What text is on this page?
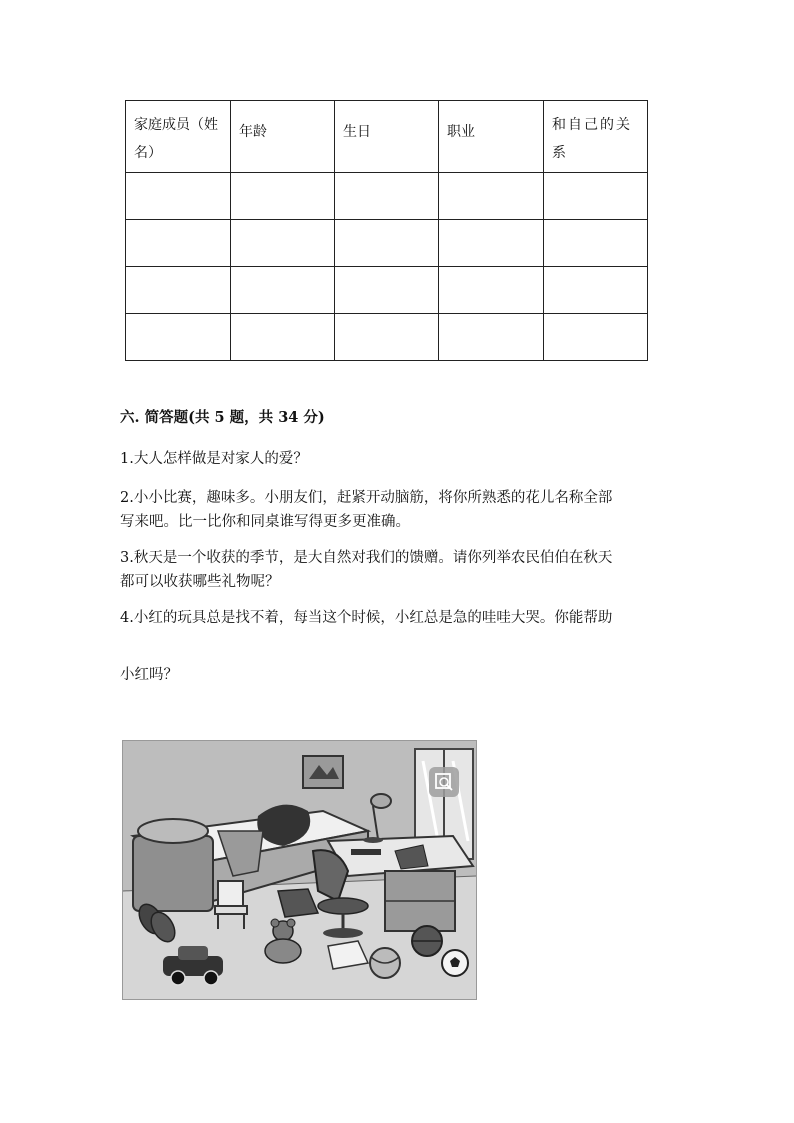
家庭成员（姓
名）	年龄	生日	职业	和自己的关
系

六. 简答题(共 5 题，共 34 分)
1.大人怎样做是对家人的爱？
2.小小比赛，趣味多。小朋友们，赶紧开动脑筋，将你所熟悉的花儿名称全部
写来吧。比一比你和同桌谁写得更多更准确。
3.秋天是一个收获的季节，是大自然对我们的馈赠。请你列举农民伯伯在秋天
都可以收获哪些礼物呢？
4.小红的玩具总是找不着，每当这个时候，小红总是急的哇哇大哭。你能帮助
小红吗？
